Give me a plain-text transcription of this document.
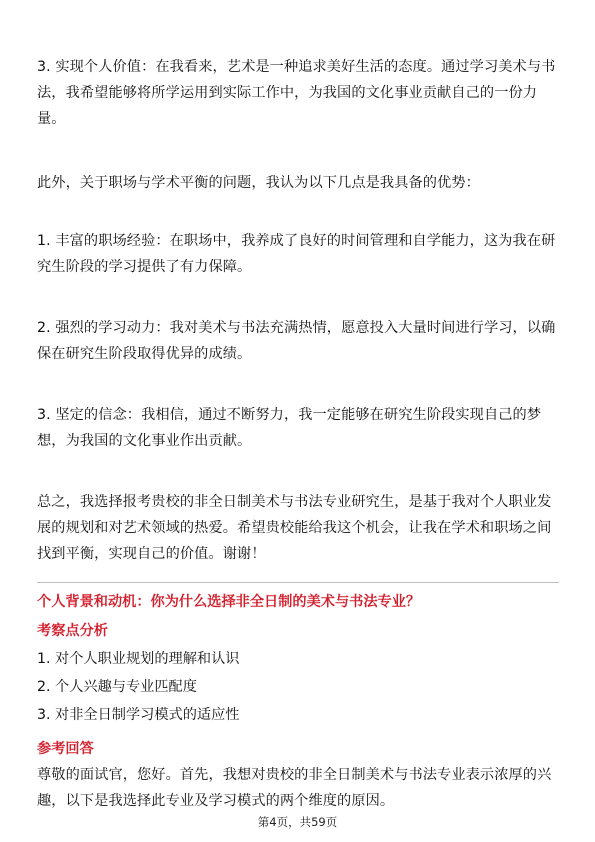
3. 实现个人价值：在我看来，艺术是一种追求美好生活的态度。通过学习美术与书
法，我希望能够将所学运用到实际工作中，为我国的文化事业贡献自己的一份力
量。

此外，关于职场与学术平衡的问题，我认为以下几点是我具备的优势：

1. 丰富的职场经验：在职场中，我养成了良好的时间管理和自学能力，这为我在研
究生阶段的学习提供了有力保障。

2. 强烈的学习动力：我对美术与书法充满热情，愿意投入大量时间进行学习，以确
保在研究生阶段取得优异的成绩。

3. 坚定的信念：我相信，通过不断努力，我一定能够在研究生阶段实现自己的梦
想，为我国的文化事业作出贡献。

总之，我选择报考贵校的非全日制美术与书法专业研究生，是基于我对个人职业发
展的规划和对艺术领域的热爱。希望贵校能给我这个机会，让我在学术和职场之间
找到平衡，实现自己的价值。谢谢！

个人背景和动机：你为什么选择非全日制的美术与书法专业？

考察点分析

1. 对个人职业规划的理解和认识

2. 个人兴趣与专业匹配度

3. 对非全日制学习模式的适应性

参考回答

尊敬的面试官，您好。首先，我想对贵校的非全日制美术与书法专业表示浓厚的兴
趣，以下是我选择此专业及学习模式的两个维度的原因。

第4页，共59页
